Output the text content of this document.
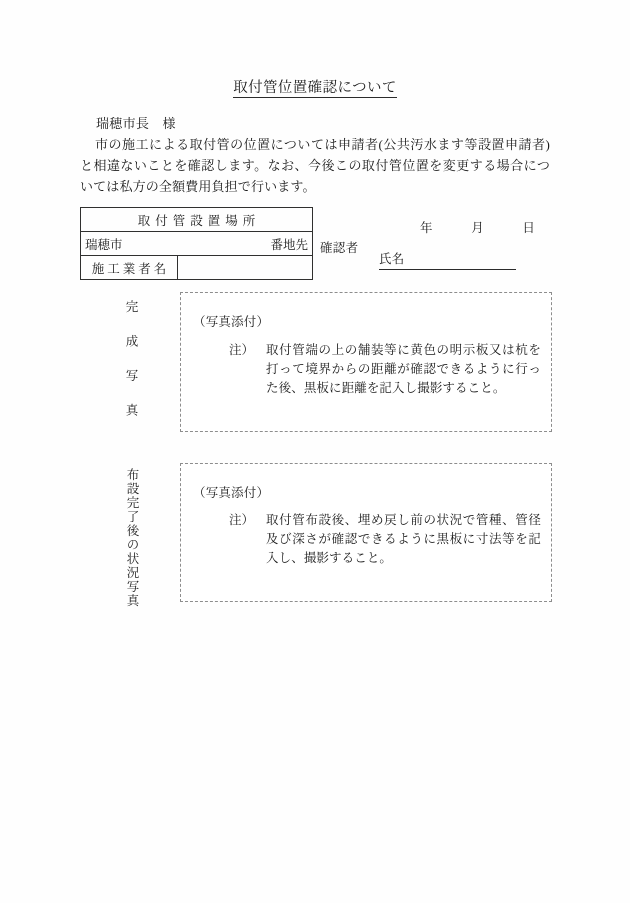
取付管位置確認について
瑞穂市長　様
市の施工による取付管の位置については申請者(公共汚水ます等設置申請者)と相違ないことを確認します。なお、今後この取付管位置を変更する場合については私方の全額費用負担で行います。
取付管設置場所

瑞穂市	番地先

施工業者名	
年　　　月　　　日
確認者
氏名
完成写真	（写真添付）
注） 取付管端の上の舗装等に黄色の明示板又は杭を打って境界からの距離が確認できるように行った後、黒板に距離を記入し撮影すること。
布設完了後の状況写真	（写真添付）
注） 取付管布設後、埋め戻し前の状況で管種、管径及び深さが確認できるように黒板に寸法等を記入し、撮影すること。
